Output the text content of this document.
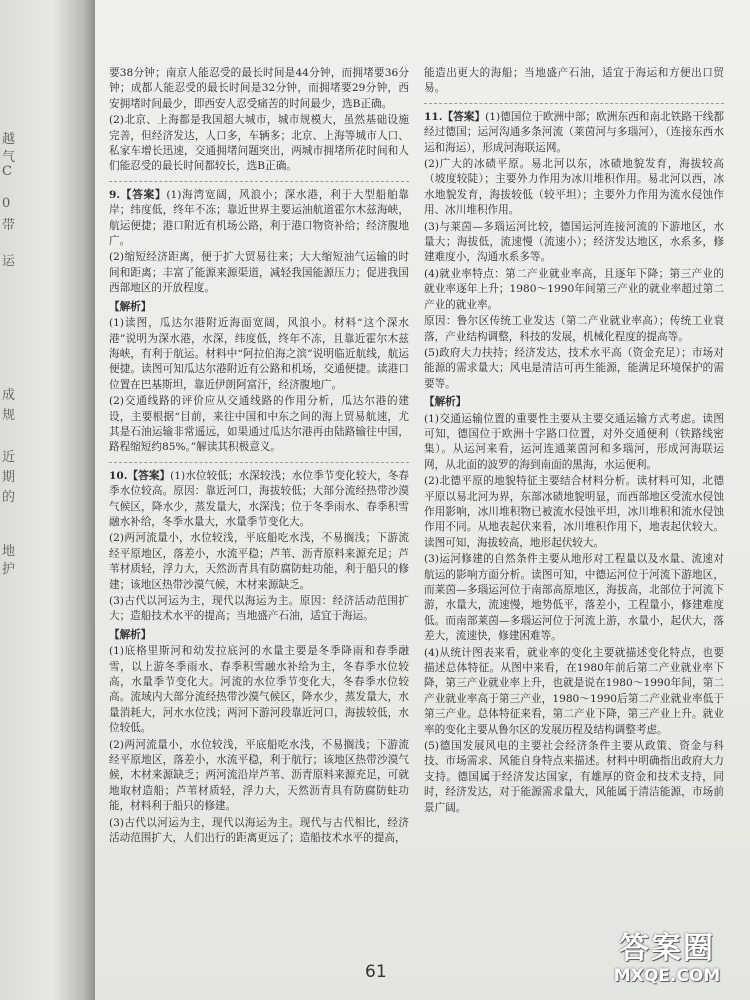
越
气
C
0
带
运
成
规
近
期
的
地
护

要38分钟；南京人能忍受的最长时间是44分钟，而拥堵要36分钟；成都人能忍受的最长时间是32分钟，而拥堵要29分钟，西安拥堵时间最少，即西安人忍受痛苦的时间最少，选B正确。

(2)北京、上海都是我国超大城市，城市规模大，虽然基础设施完善，但经济发达，人口多，车辆多；北京、上海等城市人口、私家车增长迅速，交通拥堵问题突出，两城市拥堵所花时间和人们能忍受的最长时间都较长，选B正确。

9.【答案】(1)海湾宽阔，风浪小；深水港，利于大型船舶靠岸；纬度低，终年不冻；靠近世界主要运油航道霍尔木兹海峡，航运便捷；港口附近有机场公路，利于港口物资补给；经济腹地广。

(2)缩短经济距离，便于扩大贸易往来；大大缩短油气运输的时间和距离；丰富了能源来源渠道，减轻我国能源压力；促进我国西部地区的开放程度。

【解析】

(1)读图，瓜达尔港附近海面宽阔，风浪小。材料“这个深水港”说明为深水港，水深，纬度低，终年不冻，且靠近霍尔木兹海峡，有利于航运。材料中“阿拉伯海之滨”说明临近航线，航运便捷。读图可知瓜达尔港附近有公路和机场，交通便捷。读港口位置在巴基斯坦，靠近伊朗阿富汗，经济腹地广。

(2)交通线路的评价应从交通线路的作用分析，瓜达尔港的建设，主要根据“目前，来往中国和中东之间的海上贸易航速，尤其是石油运输非常遥远，如果通过瓜达尔港再由陆路输往中国，路程缩短约85%。”解读其积极意义。

10.【答案】(1)水位较低；水深较浅；水位季节变化较大，冬春季水位较高。原因：靠近河口，海拔较低；大部分流经热带沙漠气候区，降水少，蒸发量大，水深浅；位于冬季雨水、春季积雪融水补给，冬季水量大，水量季节变化大。

(2)两河流量小，水位较浅，平底船吃水浅，不易搁浅；下游流经平原地区，落差小，水流平稳；芦苇、沥青原料来源充足；芦苇材质轻，浮力大，天然沥青具有防腐防蛀功能，利于船只的修建；该地区热带沙漠气候，木材来源缺乏。

(3)古代以河运为主，现代以海运为主。原因：经济活动范围扩大；造船技术水平的提高；当地盛产石油，适宜于海运。

【解析】

(1)底格里斯河和幼发拉底河的水量主要是冬季降雨和春季融雪，以上游冬季雨水、春季积雪融水补给为主，冬春季水位较高，水量季节变化大。河流的水位季节变化大，冬春季水位较高。流域内大部分流经热带沙漠气候区，降水少，蒸发量大，水量消耗大，河水水位浅；两河下游河段靠近河口，海拔较低，水位较低。

(2)两河流量小，水位较浅，平底船吃水浅，不易搁浅；下游流经平原地区，落差小，水流平稳，利于航行；该地区热带沙漠气候，木材来源缺乏；两河流沿岸芦苇、沥青原料来源充足，可就地取材造船；芦苇材质轻，浮力大，天然沥青具有防腐防蛀功能，材料利于船只的修建。

(3)古代以河运为主，现代以海运为主。现代与古代相比，经济活动范围扩大，人们出行的距离更远了；造船技术水平的提高，

能造出更大的海船；当地盛产石油，适宜于海运和方便出口贸易。

11.【答案】(1)德国位于欧洲中部；欧洲东西和南北铁路干线都经过德国；运河沟通多条河流（莱茵河与多瑙河），（连接东西水运和海运），形成河海联运网。

(2)广大的冰碛平原。易北河以东，冰碛地貌发育，海拔较高（坡度较陡）；主要外力作用为冰川堆积作用。易北河以西，冰水地貌发育，海拔较低（较平坦）；主要外力作用为流水侵蚀作用、冰川堆积作用。

(3)与莱茵—多瑙运河比较，德国运河连接河流的下游地区，水量大；海拔低，流速慢（流速小）；经济发达地区，水系多，修建难度小，沟通水系多等。

(4)就业率特点：第二产业就业率高，且逐年下降；第三产业的就业率逐年上升；1980～1990年间第三产业的就业率超过第二产业的就业率。

原因：鲁尔区传统工业发达（第二产业就业率高）；传统工业衰落，产业结构调整，科技的发展，机械化程度的提高等。

(5)政府大力扶持；经济发达，技术水平高（资金充足）；市场对能源的需求量大；风电是清洁可再生能源，能满足环境保护的需要等。

【解析】

(1)交通运输位置的重要性主要从主要交通运输方式考虑。读图可知，德国位于欧洲十字路口位置，对外交通便利（铁路线密集）。从运河来看，运河连通莱茵河和多瑙河，形成河海联运网，从北面的波罗的海到南面的黑海，水运便利。

(2)北德平原的地貌特征主要结合材料分析。读材料可知，北德平原以易北河为界，东部冰碛地貌明显，而西部地区受流水侵蚀作用影响，冰川堆积物已被流水侵蚀平坦，冰川堆积和流水侵蚀作用不同。从地表起伏来看，冰川堆积作用下，地表起伏较大。读图可知，海拔较高，地形起伏较大。

(3)运河修建的自然条件主要从地形对工程量以及水量、流速对航运的影响方面分析。读图可知，中德运河位于河流下游地区，而莱茵—多瑙运河位于南部高原地区，海拔高，北部位于河流下游，水量大，流速慢，地势低平，落差小，工程量小，修建难度低。而南部莱茵—多瑙运河位于河流上游，水量小，起伏大，落差大，流速快，修建困难等。

(4)从统计图表来看，就业率的变化主要就描述变化特点，也要描述总体特征。从图中来看，在1980年前后第二产业就业率下降，第三产业就业率上升，也就是说在1980～1990年间，第二产业就业率高于第三产业，1980～1990后第二产业就业率低于第三产业。总体特征来看，第二产业下降，第三产业上升。就业率的变化主要从鲁尔区的发展历程及结构调整考虑。

(5)德国发展风电的主要社会经济条件主要从政策、资金与科技、市场需求、风能自身特点来描述。材料中明确指出政府大力支持。德国属于经济发达国家，有雄厚的资金和技术支持，同时，经济发达，对于能源需求量大，风能属于清洁能源，市场前景广阔。

61
答案圈
MXQE.COM
